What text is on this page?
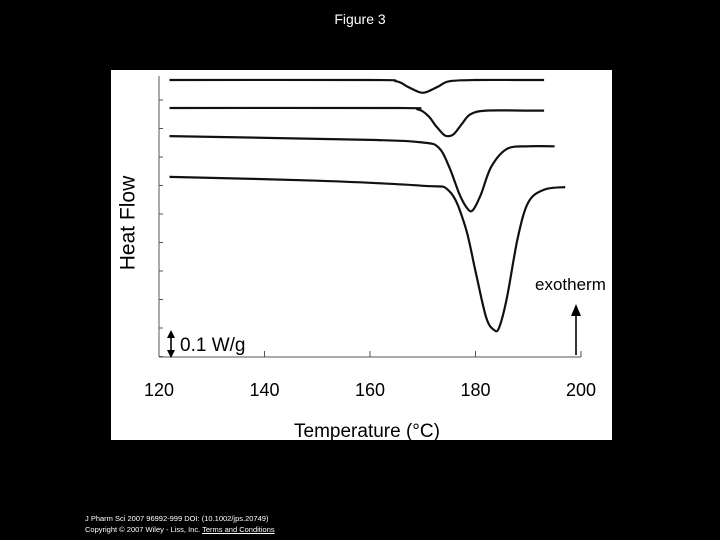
Figure 3
120	140	160	180	200
Heat Flow
Temperature (°C)
0.1 W/g
exotherm
J Pharm Sci 2007 96992-999 DOI: (10.1002/jps.20749)
Copyright © 2007 Wiley - Liss, Inc. Terms and Conditions
